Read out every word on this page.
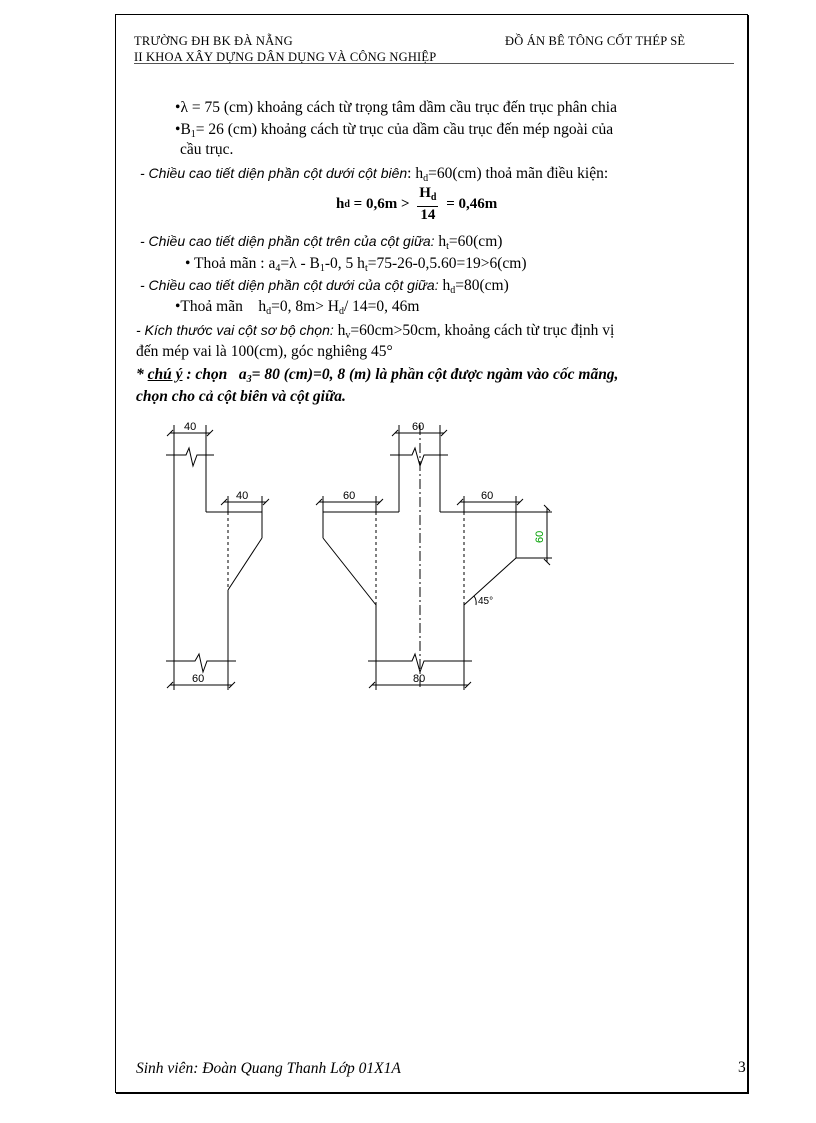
TRƯỜNG ĐH BK ĐÀ NẴNG	ĐỒ ÁN BÊ TÔNG CỐT THÉP SÈ
II KHOA XÂY DỰNG DÂN DỤNG VÀ CÔNG NGHIỆP
•λ = 75 (cm) khoảng cách từ trọng tâm dầm cầu trục đến trục phân chia
$•B_1= 26$ (cm) khoảng cách từ trục của dầm cầu trục đến mép ngoài của
cầu trục.
- Chiều cao tiết diện phần cột dưới cột biên: $h_d=60(cm)$ thoả mãn điều kiện:
h $d = 0,6m > \frac{H_d}{14} = 0,46m$
- Chiều cao tiết diện phần cột trên của cột giữa: $h_t=60(cm)$
• Thoả mãn : $a_4=\lambda - B_1-0$, 5 $h_t=75-26-0,5.60=19>6(cm)$
- Chiều cao tiết diện phần cột dưới của cột giữa: $h_d=80(cm)$
•Thoả mãn    $h_d=0$, $8m> H_d/$ 14=0, 46m
- Kích thước vai cột sơ bộ chọn: $h_v=60cm>50cm$, khoảng cách từ trục định vị
đến mép vai là 100(cm), góc nghiêng 45°
* chú ý : chọn   $a_3= 80$ (cm)=0, 8 (m) là phần cột được ngàm vào cốc mãng,
chọn cho cả cột biên và cột giữa.
40
40
60
60
60	60
80
45°
60
Sinh viên: Đoàn Quang Thanh Lớp 01X1A	3
